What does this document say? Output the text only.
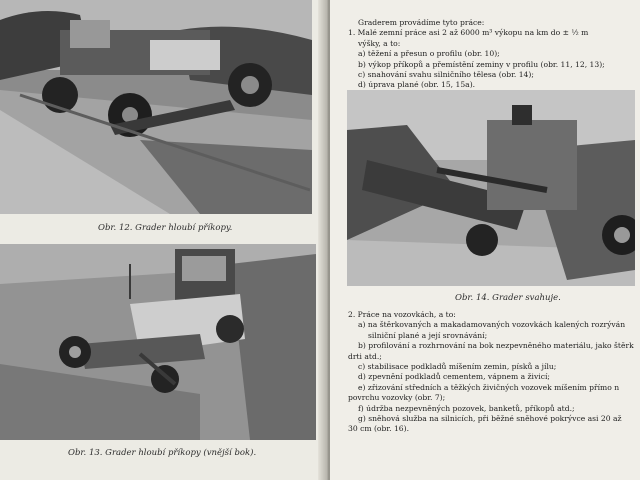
Obr. 12. Grader hloubí příkopy.
Obr. 13. Grader hloubí příkopy (vnější bok).
Graderem provádíme tyto práce:
1. Malé zemní práce asi 2 až 6000 m³ výkopu na km do ± ½ m
výšky, a to:
a) těžení a přesun o profilu (obr. 10);
b) výkop příkopů a přemístění zeminy v profilu (obr. 11, 12, 13);
c) snahování svahu silničního tělesa (obr. 14);
d) úprava plané (obr. 15, 15a).
Obr. 14. Grader svahuje.
2. Práce na vozovkách, a to:
a) na štěrkovaných a makadamovaných vozovkách kalených rozrýván
silniční plané a její srovnávání;
b) profilování a rozhrnování na bok nezpevněného materiálu, jako štěrk
drti atd.;
c) stabilisace podkladů míšením zemin, písků a jílu;
d) zpevnění podkladů cementem, vápnem a živicí;
e) zřizování středních a těžkých živičných vozovek míšením přímo n
povrchu vozovky (obr. 7);
f) údržba nezpevněných pozovek, banketů, příkopů atd.;
g) sněhová služba na silnicích, při běžné sněhové pokrývce asi 20 až
30 cm (obr. 16).
